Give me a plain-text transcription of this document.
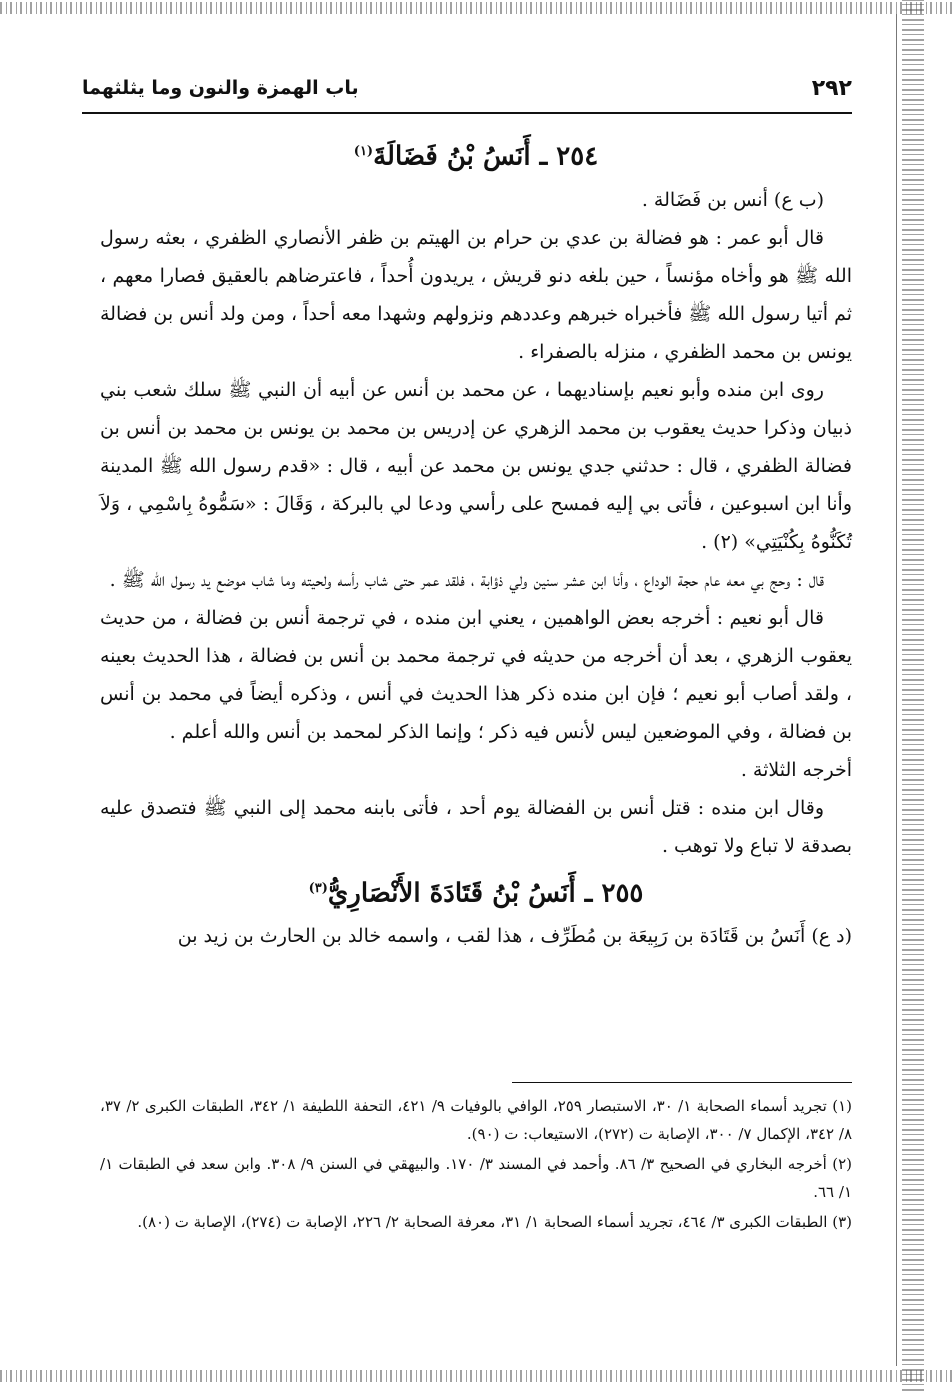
٢٩٢
باب الهمزة والنون وما يثلثهما
٢٥٤ ـ أَنَسُ بْنُ فَضَالَةَ$^{(١)}$

(ب ع) أنس بن فَضَالة .

قال أبو عمر : هو فضالة بن عدي بن حرام بن الهيتم بن ظفر الأنصاري الظفري ، بعثه رسول الله ﷺ هو وأخاه مؤنساً ، حين بلغه دنو قريش ، يريدون أُحداً ، فاعترضاهم بالعقيق فصارا معهم ، ثم أتيا رسول الله ﷺ فأخبراه خبرهم وعددهم ونزولهم وشهدا معه أحداً ، ومن ولد أنس بن فضالة يونس بن محمد الظفري ، منزله بالصفراء .

روى ابن منده وأبو نعيم بإسناديهما ، عن محمد بن أنس عن أبيه أن النبي ﷺ سلك شعب بني ذبيان وذكرا حديث يعقوب بن محمد الزهري عن إدريس بن محمد بن يونس بن محمد بن أنس بن فضالة الظفري ، قال : حدثني جدي يونس بن محمد عن أبيه ، قال : «قدم رسول الله ﷺ المدينة وأنا ابن اسبوعين ، فأتى بي إليه فمسح على رأسي ودعا لي بالبركة ، وَقَالَ : «سَمُّوهُ بِاسْمِي ، وَلاَ تُكَنُّوهُ بِكُنْيَتِي» (٢) .

قال : وحج بي معه عام حجة الوداع ، وأنا ابن عشر سنين ولي ذؤابة ، فلقد عمر حتى شاب رأسه ولحيته وما شاب موضع يد رسول الله ﷺ .

قال أبو نعيم : أخرجه بعض الواهمين ، يعني ابن منده ، في ترجمة أنس بن فضالة ، من حديث يعقوب الزهري ، بعد أن أخرجه من حديثه في ترجمة محمد بن أنس بن فضالة ، هذا الحديث بعينه ، ولقد أصاب أبو نعيم ؛ فإن ابن منده ذكر هذا الحديث في أنس ، وذكره أيضاً في محمد بن أنس بن فضالة ، وفي الموضعين ليس لأنس فيه ذكر ؛ وإنما الذكر لمحمد بن أنس والله أعلم .

أخرجه الثلاثة .

وقال ابن منده : قتل أنس بن الفضالة يوم أحد ، فأتى بابنه محمد إلى النبي ﷺ فتصدق عليه بصدقة لا تباع ولا توهب .

٢٥٥ ـ أَنَسُ بْنُ قَتَادَةَ الأَنْصَارِيُّ$^{(٣)}$

(د ع) أَنَسُ بن قَتَادَة بن رَبِيعَة بن مُطَرِّف ، هذا لقب ، واسمه خالد بن الحارث بن زيد بن

(١) تجريد أسماء الصحابة ١/ ٣٠، الاستبصار ٢٥٩، الوافي بالوفيات ٩/ ٤٢١، التحفة اللطيفة ١/ ٣٤٢، الطبقات الكبرى ٢/ ٣٧، ٨/ ٣٤٢، الإكمال ٧/ ٣٠٠، الإصابة ت (٢٧٢)، الاستيعاب: ت (٩٠).

(٢) أخرجه البخاري في الصحيح ٣/ ٨٦. وأحمد في المسند ٣/ ١٧٠. والبيهقي في السنن ٩/ ٣٠٨. وابن سعد في الطبقات ١/ ١/ ٦٦.

(٣) الطبقات الكبرى ٣/ ٤٦٤، تجريد أسماء الصحابة ١/ ٣١، معرفة الصحابة ٢/ ٢٢٦، الإصابة ت (٢٧٤)، الإصابة ت (٨٠).
